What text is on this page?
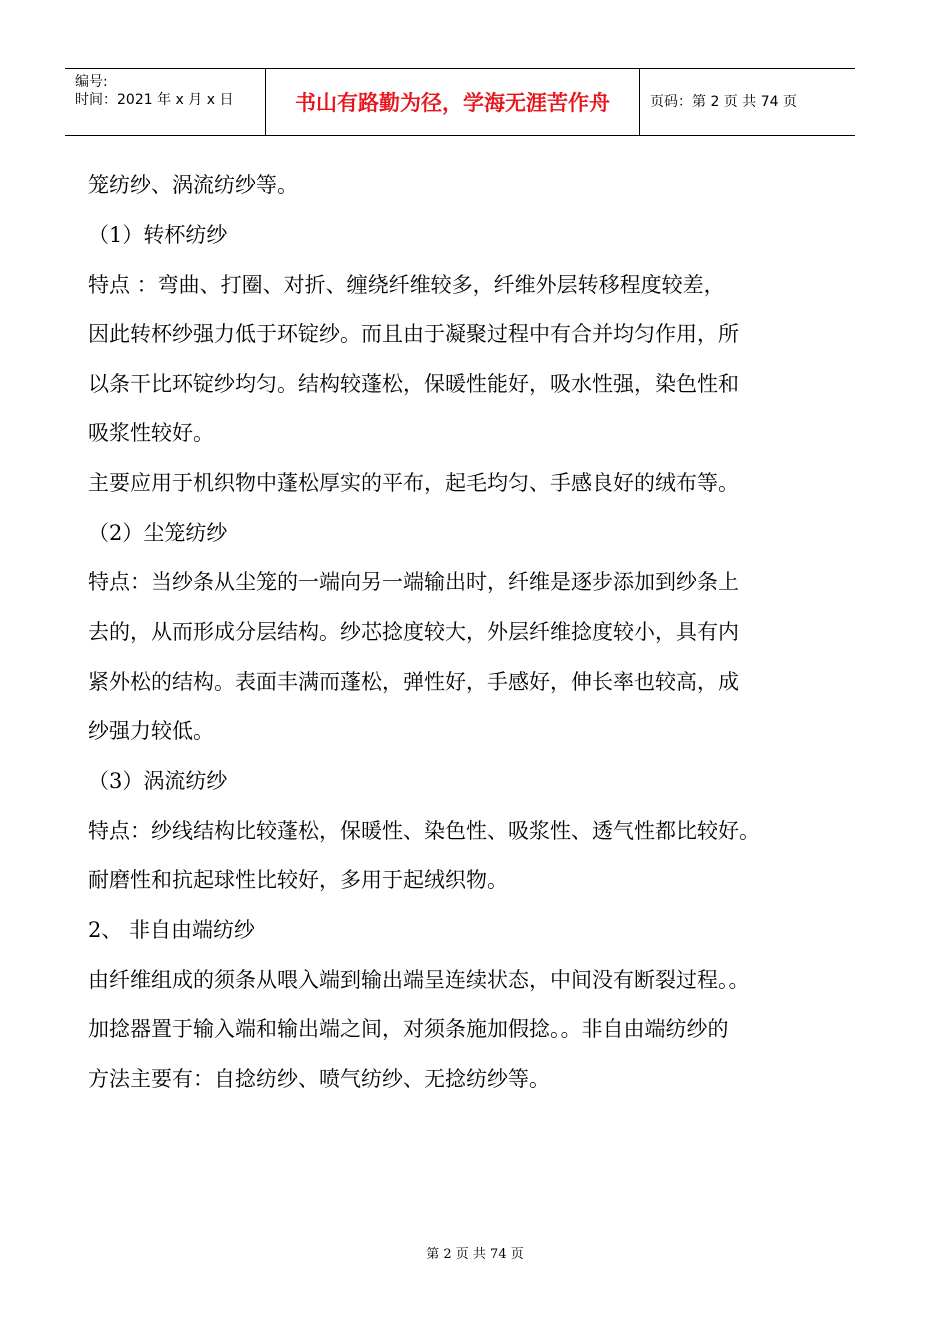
编号:
时间：2021 年 x 月 x 日	书山有路勤为径，学海无涯苦作舟	页码：第 2 页 共 74 页
笼纺纱、涡流纺纱等。
（1）转杯纺纱
特点 ：弯曲、打圈、对折、缠绕纤维较多，纤维外层转移程度较差，
因此转杯纱强力低于环锭纱。而且由于凝聚过程中有合并均匀作用，所
以条干比环锭纱均匀。结构较蓬松，保暖性能好，吸水性强，染色性和
吸浆性较好。
主要应用于机织物中蓬松厚实的平布，起毛均匀、手感良好的绒布等。
（2）尘笼纺纱
特点：当纱条从尘笼的一端向另一端输出时，纤维是逐步添加到纱条上
去的，从而形成分层结构。纱芯捻度较大，外层纤维捻度较小，具有内
紧外松的结构。表面丰满而蓬松，弹性好，手感好，伸长率也较高，成
纱强力较低。
（3）涡流纺纱
特点：纱线结构比较蓬松，保暖性、染色性、吸浆性、透气性都比较好。
耐磨性和抗起球性比较好，多用于起绒织物。
2、 非自由端纺纱
由纤维组成的须条从喂入端到输出端呈连续状态，中间没有断裂过程。。
加捻器置于输入端和输出端之间，对须条施加假捻。。非自由端纺纱的
方法主要有：自捻纺纱、喷气纺纱、无捻纺纱等。
第 2 页 共 74 页
